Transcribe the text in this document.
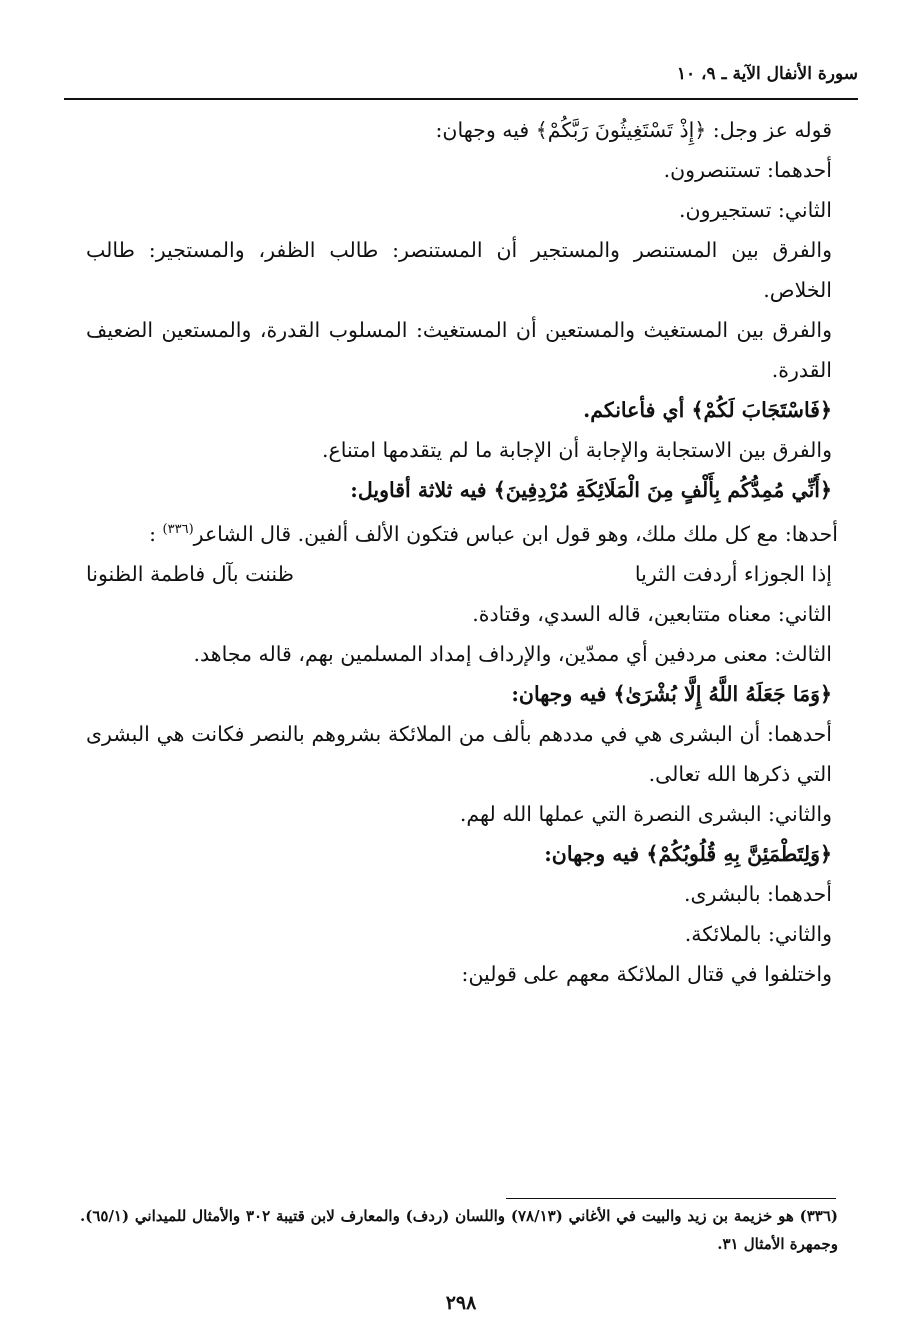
سورة الأنفال الآية ـ ٩، ١٠

قوله عز وجل: ﴿إِذْ تَسْتَغِيثُونَ رَبَّكُمْ﴾ فيه وجهان:

أحدهما: تستنصرون.

الثاني: تستجيرون.

والفرق بين المستنصر والمستجير أن المستنصر: طالب الظفر، والمستجير: طالب الخلاص.

والفرق بين المستغيث والمستعين أن المستغيث: المسلوب القدرة، والمستعين الضعيف القدرة.

﴿فَاسْتَجَابَ لَكُمْ﴾ أي فأعانكم.

والفرق بين الاستجابة والإجابة أن الإجابة ما لم يتقدمها امتناع.

﴿أَنِّي مُمِدُّكُم بِأَلْفٍ مِنَ الْمَلَائِكَةِ مُرْدِفِينَ﴾ فيه ثلاثة أقاويل:

أحدها: مع كل ملك ملك، وهو قول ابن عباس فتكون الألف ألفين. قال الشاعر$^{(٣٣٦)}$ :

إذا الجوزاء أردفت الثريا
ظننت بآل فاطمة الظنونا

الثاني: معناه متتابعين، قاله السدي، وقتادة.

الثالث: معنى مردفين أي ممدّين، والإرداف إمداد المسلمين بهم، قاله مجاهد.

﴿وَمَا جَعَلَهُ اللَّهُ إِلَّا بُشْرَىٰ﴾ فيه وجهان:

أحدهما: أن البشرى هي في مددهم بألف من الملائكة بشروهم بالنصر فكانت هي البشرى التي ذكرها الله تعالى.

والثاني: البشرى النصرة التي عملها الله لهم.

﴿وَلِتَطْمَئِنَّ بِهِ قُلُوبُكُمْ﴾ فيه وجهان:

أحدهما: بالبشرى.

والثاني: بالملائكة.

واختلفوا في قتال الملائكة معهم على قولين:

(٣٣٦) هو خزيمة بن زيد والبيت في الأغاني (٧٨/١٣) واللسان (ردف) والمعارف لابن قتيبة ٣٠٢ والأمثال للميداني (٦٥/١). وجمهرة الأمثال ٣١.
٢٩٨
